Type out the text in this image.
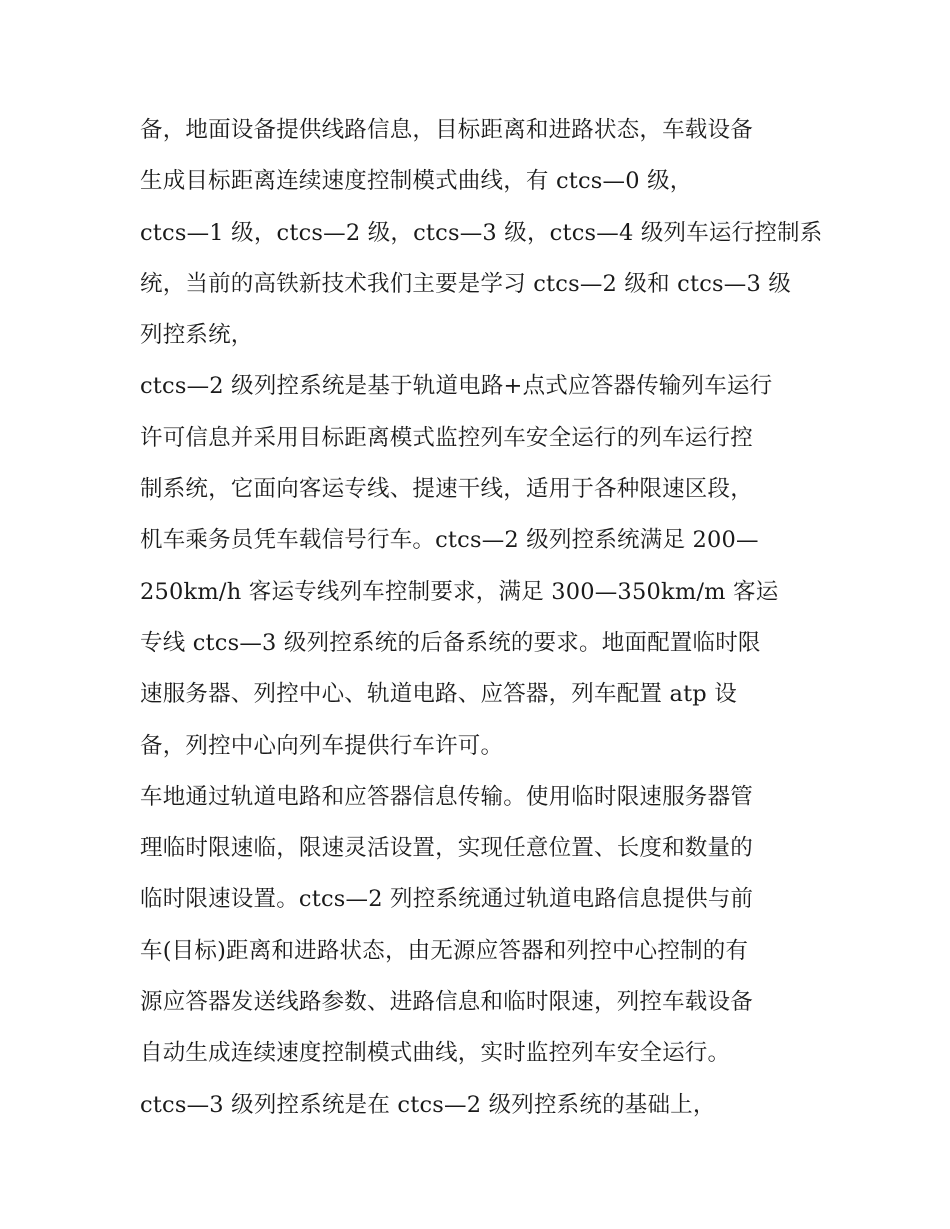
备，地面设备提供线路信息，目标距离和进路状态，车载设备
生成目标距离连续速度控制模式曲线，有 ctcs—0 级，
ctcs—1 级，ctcs—2 级，ctcs—3 级，ctcs—4 级列车运行控制系
统，当前的高铁新技术我们主要是学习 ctcs—2 级和 ctcs—3 级
列控系统，
ctcs—2 级列控系统是基于轨道电路+点式应答器传输列车运行
许可信息并采用目标距离模式监控列车安全运行的列车运行控
制系统，它面向客运专线、提速干线，适用于各种限速区段，
机车乘务员凭车载信号行车。ctcs—2 级列控系统满足 200—
250km/h 客运专线列车控制要求，满足 300—350km/m 客运
专线 ctcs—3 级列控系统的后备系统的要求。地面配置临时限
速服务器、列控中心、轨道电路、应答器，列车配置 atp 设
备，列控中心向列车提供行车许可。
车地通过轨道电路和应答器信息传输。使用临时限速服务器管
理临时限速临，限速灵活设置，实现任意位置、长度和数量的
临时限速设置。ctcs—2 列控系统通过轨道电路信息提供与前
车(目标)距离和进路状态，由无源应答器和列控中心控制的有
源应答器发送线路参数、进路信息和临时限速，列控车载设备
自动生成连续速度控制模式曲线，实时监控列车安全运行。
ctcs—3 级列控系统是在 ctcs—2 级列控系统的基础上，
